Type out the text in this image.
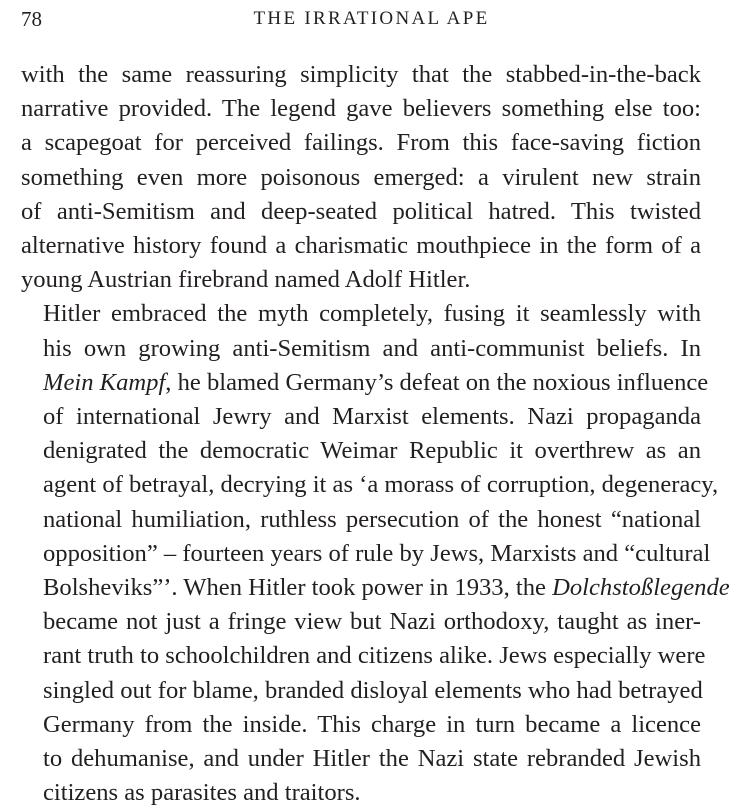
78	THE IRRATIONAL APE

with the same reassuring simplicity that the stabbed-in-the-back
narrative provided. The legend gave believers something else too:
a scapegoat for perceived failings. From this face-saving fiction
something even more poisonous emerged: a virulent new strain
of anti-Semitism and deep-seated political hatred. This twisted
alternative history found a charismatic mouthpiece in the form of a
young Austrian firebrand named Adolf Hitler.

Hitler embraced the myth completely, fusing it seamlessly with
his own growing anti-Semitism and anti-communist beliefs. In
Mein Kampf, he blamed Germany’s defeat on the noxious influence
of international Jewry and Marxist elements. Nazi propaganda
denigrated the democratic Weimar Republic it overthrew as an
agent of betrayal, decrying it as ‘a morass of corruption, degeneracy,
national humiliation, ruthless persecution of the honest “national
opposition” – fourteen years of rule by Jews, Marxists and “cultural
Bolsheviks”’. When Hitler took power in 1933, the Dolchstoßlegende
became not just a fringe view but Nazi orthodoxy, taught as iner-
rant truth to schoolchildren and citizens alike. Jews especially were
singled out for blame, branded disloyal elements who had betrayed
Germany from the inside. This charge in turn became a licence
to dehumanise, and under Hitler the Nazi state rebranded Jewish
citizens as parasites and traitors.
